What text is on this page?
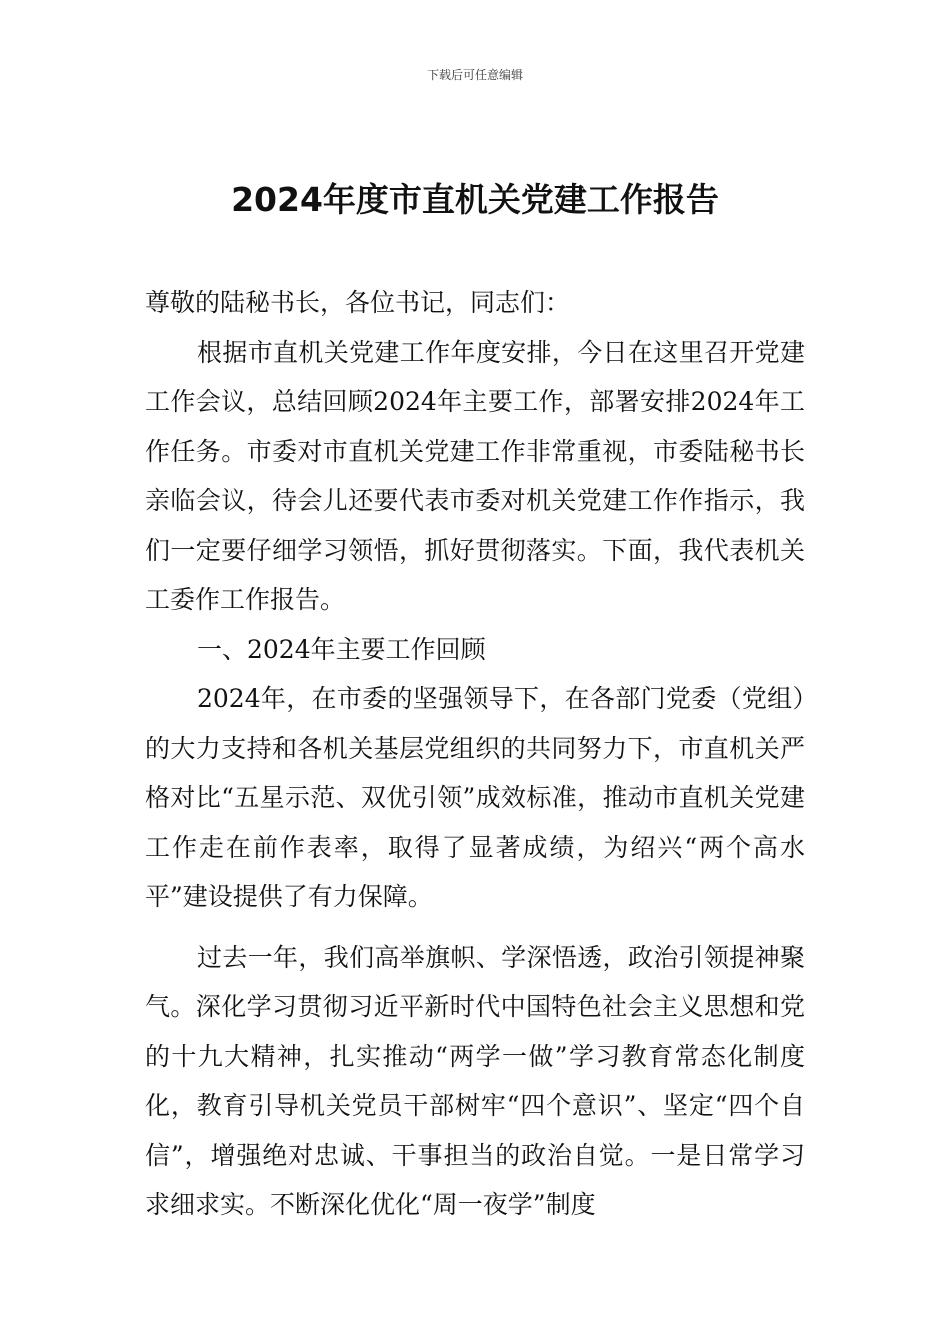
下载后可任意编辑
2024年度市直机关党建工作报告

尊敬的陆秘书长，各位书记，同志们：

根据市直机关党建工作年度安排，今日在这里召开党建工作会议，总结回顾2024年主要工作，部署安排2024年工作任务。市委对市直机关党建工作非常重视，市委陆秘书长亲临会议，待会儿还要代表市委对机关党建工作作指示，我们一定要仔细学习领悟，抓好贯彻落实。下面，我代表机关工委作工作报告。

一、2024年主要工作回顾

2024年，在市委的坚强领导下，在各部门党委（党组）的大力支持和各机关基层党组织的共同努力下，市直机关严格对比“五星示范、双优引领”成效标准，推动市直机关党建工作走在前作表率，取得了显著成绩，为绍兴“两个高水平”建设提供了有力保障。

过去一年，我们高举旗帜、学深悟透，政治引领提神聚气。深化学习贯彻习近平新时代中国特色社会主义思想和党的十九大精神，扎实推动“两学一做”学习教育常态化制度化，教育引导机关党员干部树牢“四个意识”、坚定“四个自信”，增强绝对忠诚、干事担当的政治自觉。一是日常学习求细求实。不断深化优化“周一夜学”制度
